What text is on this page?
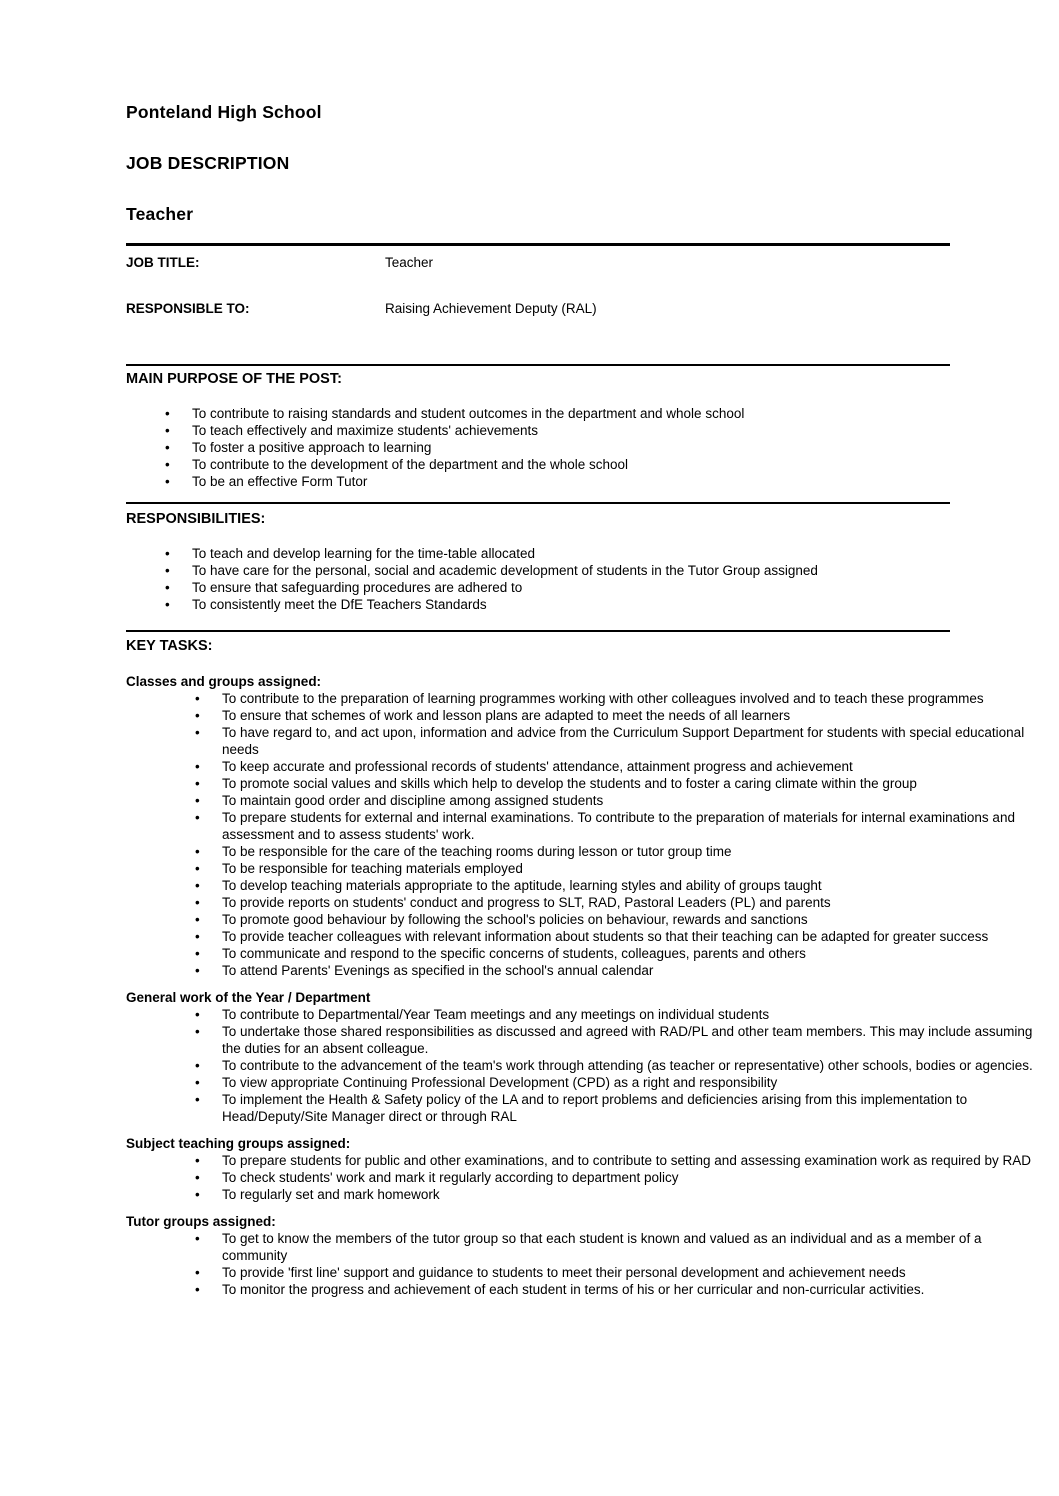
Ponteland High School
JOB DESCRIPTION
Teacher
JOB TITLE:	Teacher
RESPONSIBLE TO:	Raising Achievement Deputy (RAL)
MAIN PURPOSE OF THE POST:
• To contribute to raising standards and student outcomes in the department and whole school
• To teach effectively and maximize students' achievements
• To foster a positive approach to learning
• To contribute to the development of the department and the whole school
• To be an effective Form Tutor
RESPONSIBILITIES:
• To teach and develop learning for the time-table allocated
• To have care for the personal, social and academic development of students in the Tutor Group assigned
• To ensure that safeguarding procedures are adhered to
• To consistently meet the DfE Teachers Standards
KEY TASKS:
Classes and groups assigned:
• To contribute to the preparation of learning programmes working with other colleagues involved and to teach these programmes
• To ensure that schemes of work and lesson plans are adapted to meet the needs of all learners
• To have regard to, and act upon, information and advice from the Curriculum Support Department for students with special educational needs
• To keep accurate and professional records of students' attendance, attainment progress and achievement
• To promote social values and skills which help to develop the students and to foster a caring climate within the group
• To maintain good order and discipline among assigned students
• To prepare students for external and internal examinations. To contribute to the preparation of materials for internal examinations and assessment and to assess students' work.
• To be responsible for the care of the teaching rooms during lesson or tutor group time
• To be responsible for teaching materials employed
• To develop teaching materials appropriate to the aptitude, learning styles and ability of groups taught
• To provide reports on students' conduct and progress to SLT, RAD, Pastoral Leaders (PL) and parents
• To promote good behaviour by following the school's policies on behaviour, rewards and sanctions
• To provide teacher colleagues with relevant information about students so that their teaching can be adapted for greater success
• To communicate and respond to the specific concerns of students, colleagues, parents and others
• To attend Parents' Evenings as specified in the school's annual calendar
General work of the Year / Department
• To contribute to Departmental/Year Team meetings and any meetings on individual students
• To undertake those shared responsibilities as discussed and agreed with RAD/PL and other team members. This may include assuming the duties for an absent colleague.
• To contribute to the advancement of the team's work through attending (as teacher or representative) other schools, bodies or agencies.
• To view appropriate Continuing Professional Development (CPD) as a right and responsibility
• To implement the Health & Safety policy of the LA and to report problems and deficiencies arising from this implementation to Head/Deputy/Site Manager direct or through RAL
Subject teaching groups assigned:
• To prepare students for public and other examinations, and to contribute to setting and assessing examination work as required by RAD
• To check students' work and mark it regularly according to department policy
• To regularly set and mark homework
Tutor groups assigned:
• To get to know the members of the tutor group so that each student is known and valued as an individual and as a member of a community
• To provide 'first line' support and guidance to students to meet their personal development and achievement needs
• To monitor the progress and achievement of each student in terms of his or her curricular and non-curricular activities.
